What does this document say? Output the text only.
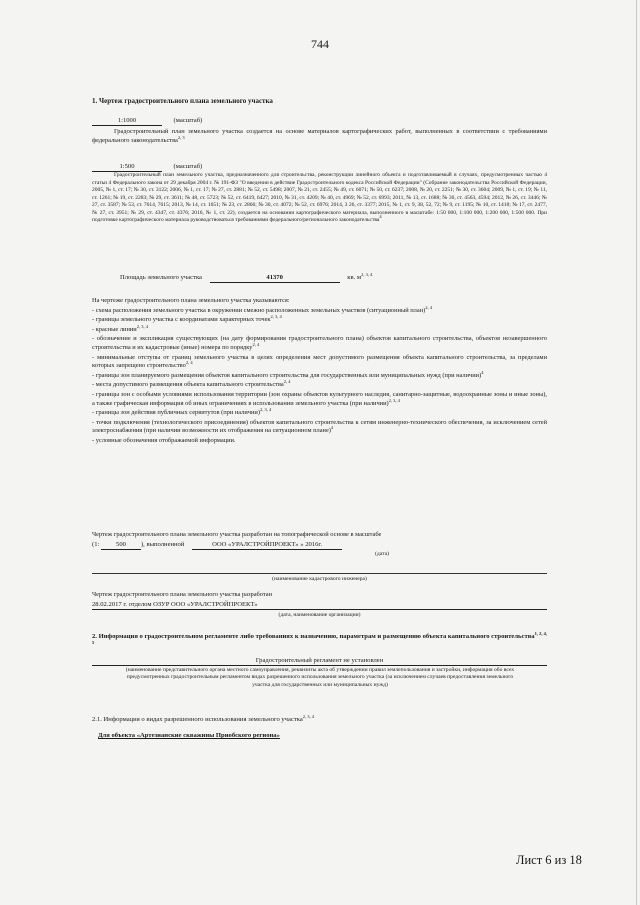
744
1. Чертеж градостроительного плана земельного участка
1:1000	(масштаб)
Градостроительный план земельного участка создается на основе материалов картографических работ, выполненных в соответствии с требованиями федерального законодательства$^{2, 3}$
1:500	(масштаб)
Градостроительный план земельного участка, предназначенного для строительства, реконструкции линейного объекта и подготавливаемый в случаях, предусмотренных частью 4 статьи 4 Федерального закона от 29 декабря 2004 г. № 191-ФЗ "О введении в действие Градостроительного кодекса Российской Федерации" (Собрание законодательства Российской Федерации, 2005, № 1, ст. 17; № 30, ст. 3122; 2006, № 1, ст. 17; № 27, ст. 2881; № 52, ст. 5498; 2007, № 21, ст. 2455; № 49, ст. 6071; № 50, ст. 6237; 2008, № 20, ст. 2251; № 30, ст. 3604; 2009, № 1, ст. 19; № 11, ст. 1261; № 19, ст. 2283; № 29, ст. 3611; № 48, ст. 5723; № 52, ст. 6419, 6427; 2010, № 31, ст. 4209; № 40, ст. 4969; № 52, ст. 6993; 2011, № 13, ст. 1688; № 30, ст. 4563, 4594; 2012, № 26, ст. 3446; № 27, ст. 3587; № 53, ст. 7614, 7615; 2013, № 14, ст. 1651; № 23, ст. 2866; № 30, ст. 4072; № 52, ст. 6976; 2014, 3 26, ст. 3377; 2015, № 1, ст. 9, 38, 52, 72; № 9, ст. 1195; № 10, ст. 1418; № 17, ст. 2477, № 27, ст. 3951; № 29, ст. 4347, ст. 4376; 2016, № 1, ст. 22), создается на основании картографического материала, выполненного в масштабе: 1:50 000, 1:100 000, 1:200 000, 1:500 000. При подготовке картографического материала руководствоваться требованиями федерального/регионального законодательства$^4$
Площадь земельного участка	41370	кв. $м^{2, 3, 4}$
На чертеже градостроительного плана земельного участка указываются:
- схема расположения земельного участка в окружении смежно расположенных земельных участков (ситуационный план)$^{2, 4}$
- границы земельного участка с координатами характерных точек$^{2, 3, 4}$
- красные линии$^{2, 3, 4}$
- обозначение и экспликация существующих (на дату формирования градостроительного плана) объектов капитального строительства, объектов незавершенного строительства и их кадастровые (иные) номера по порядку$^{2, 4}$
- минимальные отступы от границ земельного участка в целях определения мест допустимого размещения объекта капитального строительства, за пределами которых запрещено строительство$^{2, 4}$
- границы зон планируемого размещения объектов капитального строительства для государственных или муниципальных нужд (при наличии)$^4$
- места допустимого размещения объекта капитального строительства$^{2, 4}$
- границы зон с особыми условиями использования территории (зон охраны объектов культурного наследия, санитарно-защитные, водоохранные зоны и иные зоны), а также графическая информация об иных ограничениях в использовании земельного участка (при наличии)$^{2, 3, 4}$
- границы зон действия публичных сервитутов (при наличии)$^{2, 3, 4}$
- точки подключения (технологического присоединения) объектов капитального строительства к сетям инженерно-технического обеспечения, за исключением сетей электроснабжения (при наличии возможности их отображения на ситуационном плане)$^4$
- условные обозначения отображаемой информации.
Чертеж градостроительного плана земельного участка разработан на топографической основе в масштабе
(1:	500 ), выполненной	ООО «УРАЛСТРОЙПРОЕКТ» » 2016г.
(дата)
(наименование кадастрового инженера)
Чертеж градостроительного плана земельного участка разработан
28.02.2017 г. отделом ОЗУР ООО «УРАЛСТРОЙПРОЕКТ»
(дата, наименование организации)
2. Информация о градостроительном регламенте либо требованиях к назначению, параметрам и размещению объекта капитального строительства$^{1, 2, 4, 5}$
Градостроительный регламент не установлен
(наименование представительного органа местного самоуправления, реквизиты акта об утверждении правил землепользования и застройки, информация обо всех предусмотренных градостроительным регламентом видах разрешенного использования земельного участка (за исключением случаев предоставления земельного участка для государственных или муниципальных нужд)
2.1. Информация о видах разрешенного использования земельного участка$^{2, 3, 4}$
Для объекта «Артезианские скважины Приобского региона»
Лист 6 из 18
